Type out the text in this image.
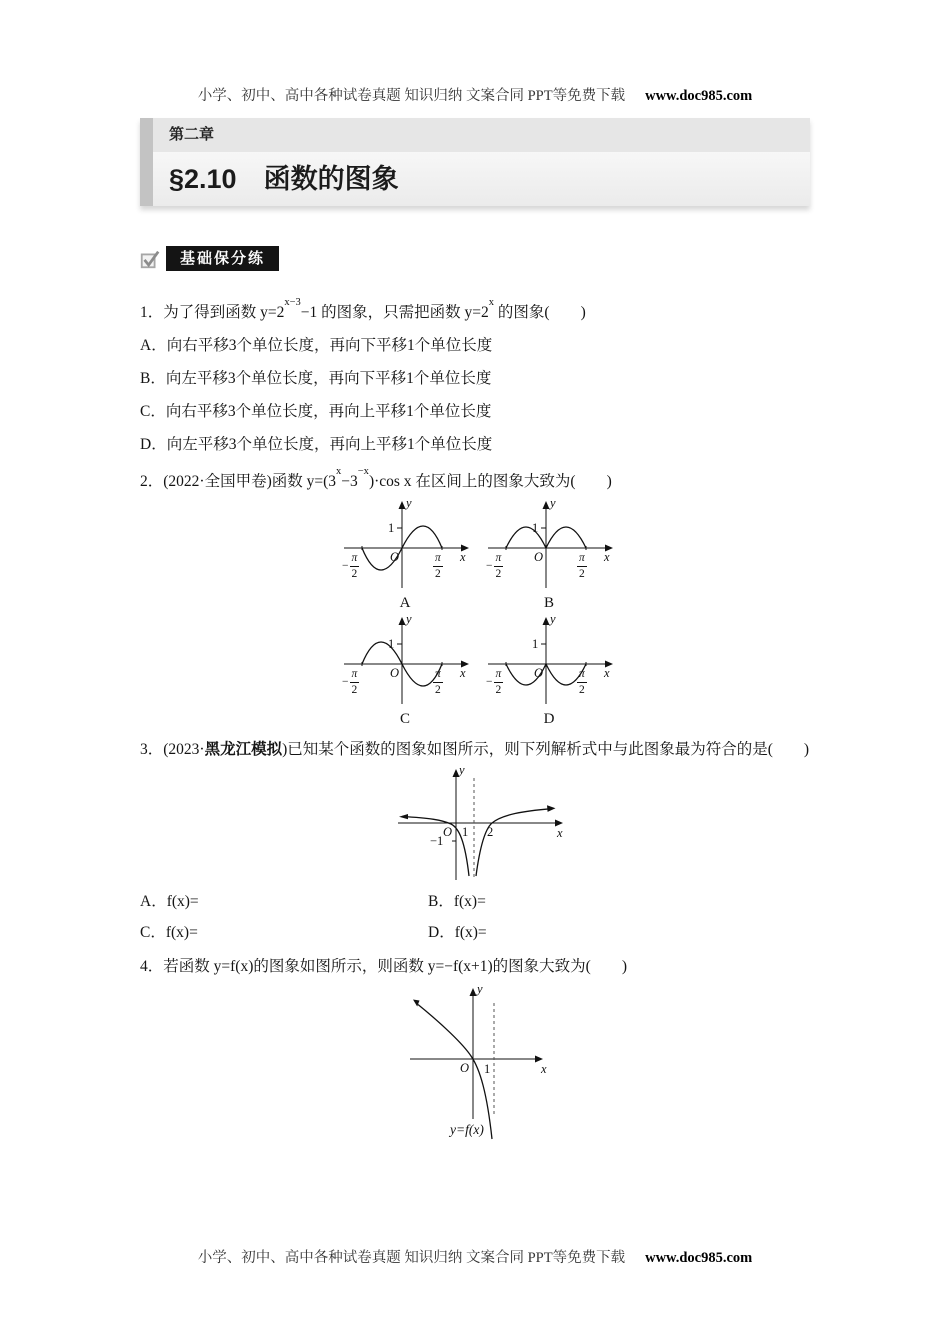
小学、初中、高中各种试卷真题 知识归纳 文案合同 PPT等免费下载 www.doc985.com
第二章
§2.10　函数的图象
基础保分练

1．为了得到函数 $y=2^{x-3}-1$ 的图象，只需把函数 $y=2^x$ 的图象(　　)

A．向右平移3个单位长度，再向下平移1个单位长度
B．向左平移3个单位长度，再向下平移1个单位长度
C．向右平移3个单位长度，再向上平移1个单位长度
D．向左平移3个单位长度，再向上平移1个单位长度

2．(2022·全国甲卷)函数 $y=(3^x-3^{-x})\cdot\cos$ x 在区间上的图象大致为(　　)

y
x
O
1
− $\frac{\pi}{2}$	$\frac{\pi}{2}$
A
y
x
O
1
− $\frac{\pi}{2}$	$\frac{\pi}{2}$
B
y
x
O
1
− $\frac{\pi}{2}$	$\frac{\pi}{2}$
C
y
x
O
1
− $\frac{\pi}{2}$	$\frac{\pi}{2}$
D

3．(2023·黑龙江模拟)已知某个函数的图象如图所示，则下列解析式中与此图象最为符合的是(　　)

y
x
O 1 2
−1
A．f(x)=	B．f(x)=
C．f(x)=	D．f(x)=

4．若函数 y=f(x)的图象如图所示，则函数 y=−f(x+1)的图象大致为(　　)

y
x
O 1
y=f(x)
小学、初中、高中各种试卷真题 知识归纳 文案合同 PPT等免费下载 www.doc985.com
